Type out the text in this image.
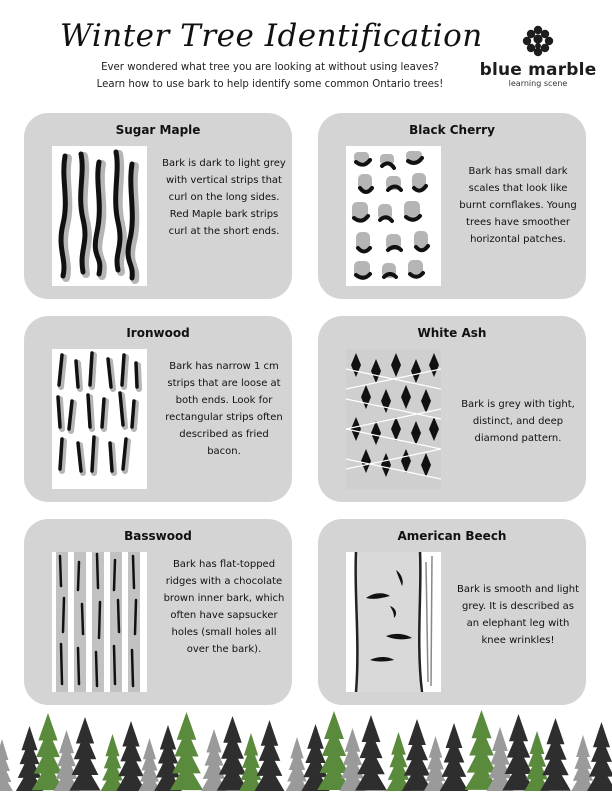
Winter Tree Identification
Ever wondered what tree you are looking at without using leaves?
Learn how to use bark to help identify some common Ontario trees!
blue marble
learning scene
Sugar Maple
Bark is dark to light grey with vertical strips that curl on the long sides. Red Maple bark strips curl at the short ends.
Black Cherry
Bark has small dark scales that look like burnt cornflakes. Young trees have smoother horizontal patches.
Ironwood
Bark has narrow 1 cm strips that are loose at both ends. Look for rectangular strips often described as fried bacon.
White Ash
Bark is grey with tight, distinct, and deep diamond pattern.
Basswood
Bark has flat-topped ridges with a chocolate brown inner bark, which often have sapsucker holes (small holes all over the bark).
American Beech
Bark is smooth and light grey. It is described as an elephant leg with knee wrinkles!
